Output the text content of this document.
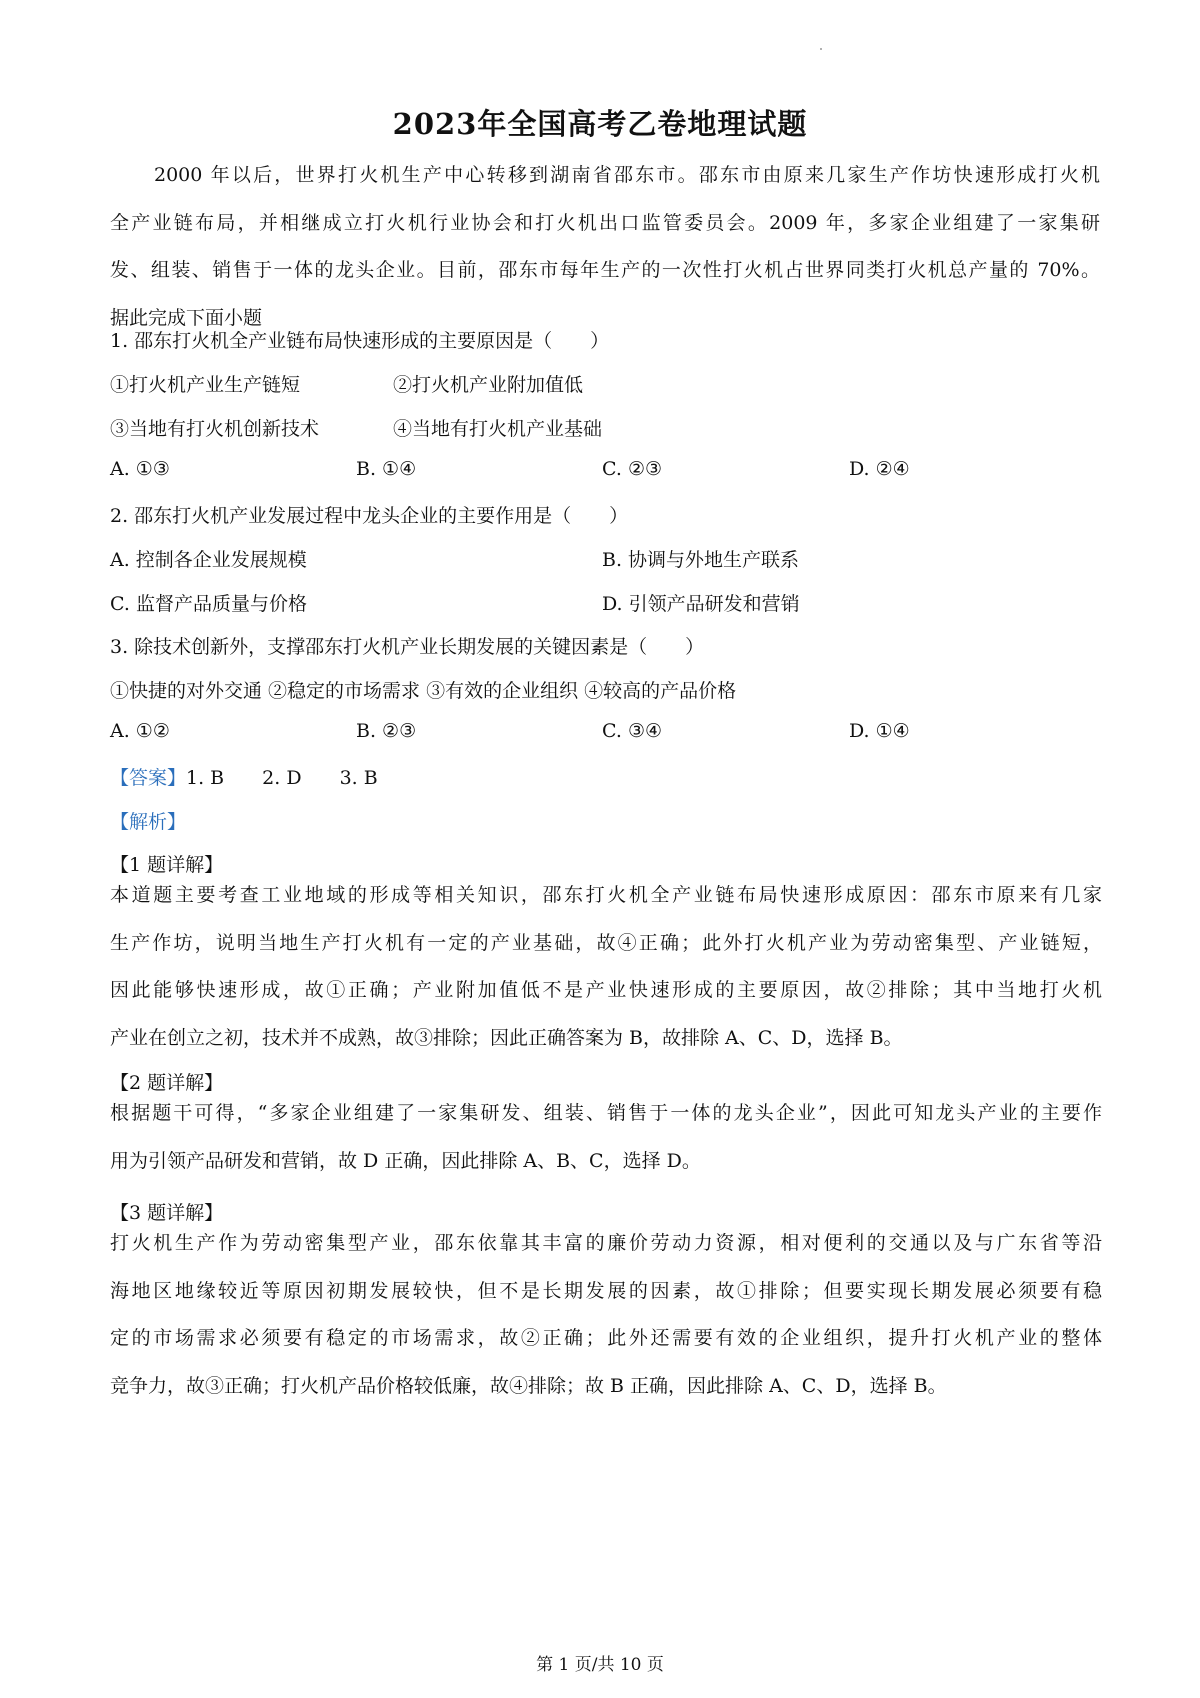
2023年全国高考乙卷地理试题
2000 年以后，世界打火机生产中心转移到湖南省邵东市。邵东市由原来几家生产作坊快速形成打火机
全产业链布局，并相继成立打火机行业协会和打火机出口监管委员会。2009 年，多家企业组建了一家集研
发、组装、销售于一体的龙头企业。目前，邵东市每年生产的一次性打火机占世界同类打火机总产量的 70%。
据此完成下面小题
1. 邵东打火机全产业链布局快速形成的主要原因是（　　）
①打火机产业生产链短	②打火机产业附加值低
③当地有打火机创新技术	④当地有打火机产业基础
A. ①③	B. ①④	C. ②③	D. ②④
2. 邵东打火机产业发展过程中龙头企业的主要作用是（　　）
A. 控制各企业发展规模	B. 协调与外地生产联系
C. 监督产品质量与价格	D. 引领产品研发和营销
3. 除技术创新外，支撑邵东打火机产业长期发展的关键因素是（　　）
①快捷的对外交通 ②稳定的市场需求 ③有效的企业组织 ④较高的产品价格
A. ①②	B. ②③	C. ③④	D. ①④
【答案】1. B 2. D 3. B
【解析】
【1 题详解】
本道题主要考查工业地域的形成等相关知识，邵东打火机全产业链布局快速形成原因：邵东市原来有几家
生产作坊，说明当地生产打火机有一定的产业基础，故④正确；此外打火机产业为劳动密集型、产业链短，
因此能够快速形成，故①正确；产业附加值低不是产业快速形成的主要原因，故②排除；其中当地打火机
产业在创立之初，技术并不成熟，故③排除；因此正确答案为 B，故排除 A、C、D，选择 B。
【2 题详解】
根据题干可得，“多家企业组建了一家集研发、组装、销售于一体的龙头企业”，因此可知龙头产业的主要作
用为引领产品研发和营销，故 D 正确，因此排除 A、B、C，选择 D。
【3 题详解】
打火机生产作为劳动密集型产业，邵东依靠其丰富的廉价劳动力资源，相对便利的交通以及与广东省等沿
海地区地缘较近等原因初期发展较快，但不是长期发展的因素，故①排除；但要实现长期发展必须要有稳
定的市场需求必须要有稳定的市场需求，故②正确；此外还需要有效的企业组织，提升打火机产业的整体
竞争力，故③正确；打火机产品价格较低廉，故④排除；故 B 正确，因此排除 A、C、D，选择 B。
第 1 页/共 10 页
